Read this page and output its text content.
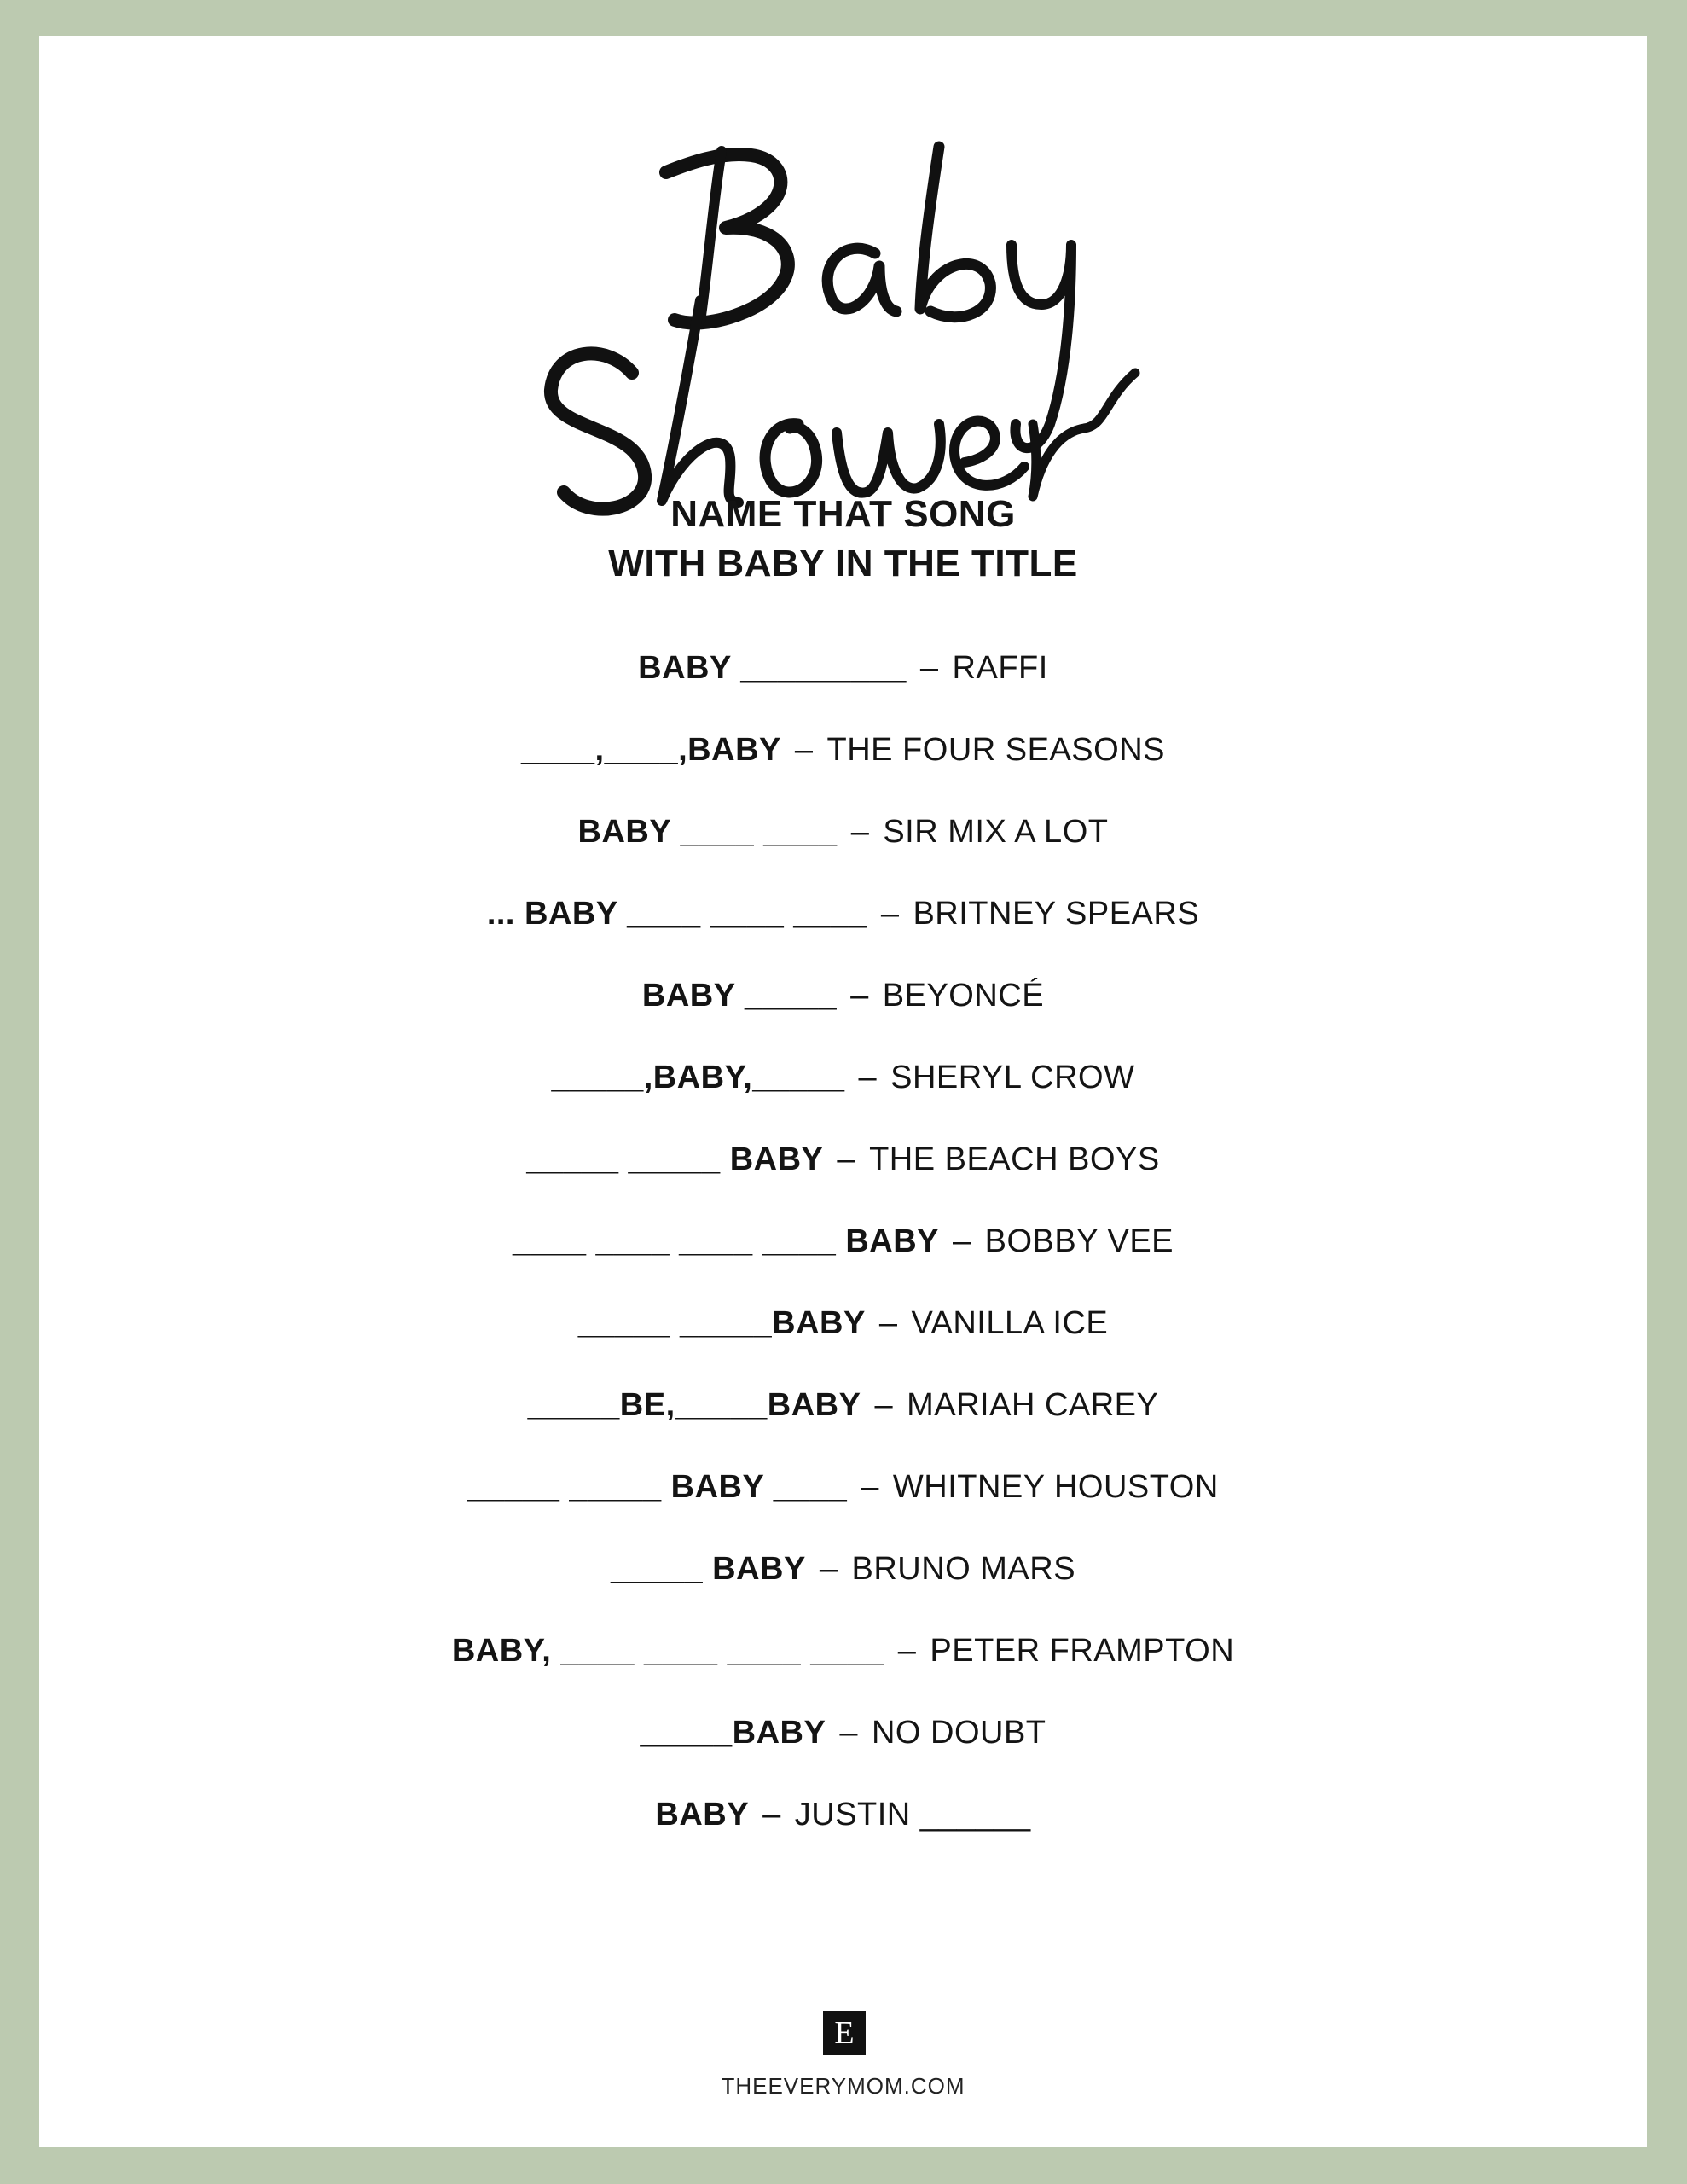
NAME THAT SONG
WITH BABY IN THE TITLE
BABY _________ – RAFFI
____,____,BABY – THE FOUR SEASONS
BABY ____ ____ – SIR MIX A LOT
... BABY ____ ____ ____ – BRITNEY SPEARS
BABY _____ – BEYONCÉ
_____,BABY,_____ – SHERYL CROW
_____ _____ BABY – THE BEACH BOYS
____ ____ ____ ____ BABY – BOBBY VEE
_____ _____BABY – VANILLA ICE
_____BE,_____BABY – MARIAH CAREY
_____ _____ BABY ____ – WHITNEY HOUSTON
_____ BABY – BRUNO MARS
BABY, ____ ____ ____ ____ – PETER FRAMPTON
_____BABY – NO DOUBT
BABY – JUSTIN ______
E
THEEVERYMOM.COM
